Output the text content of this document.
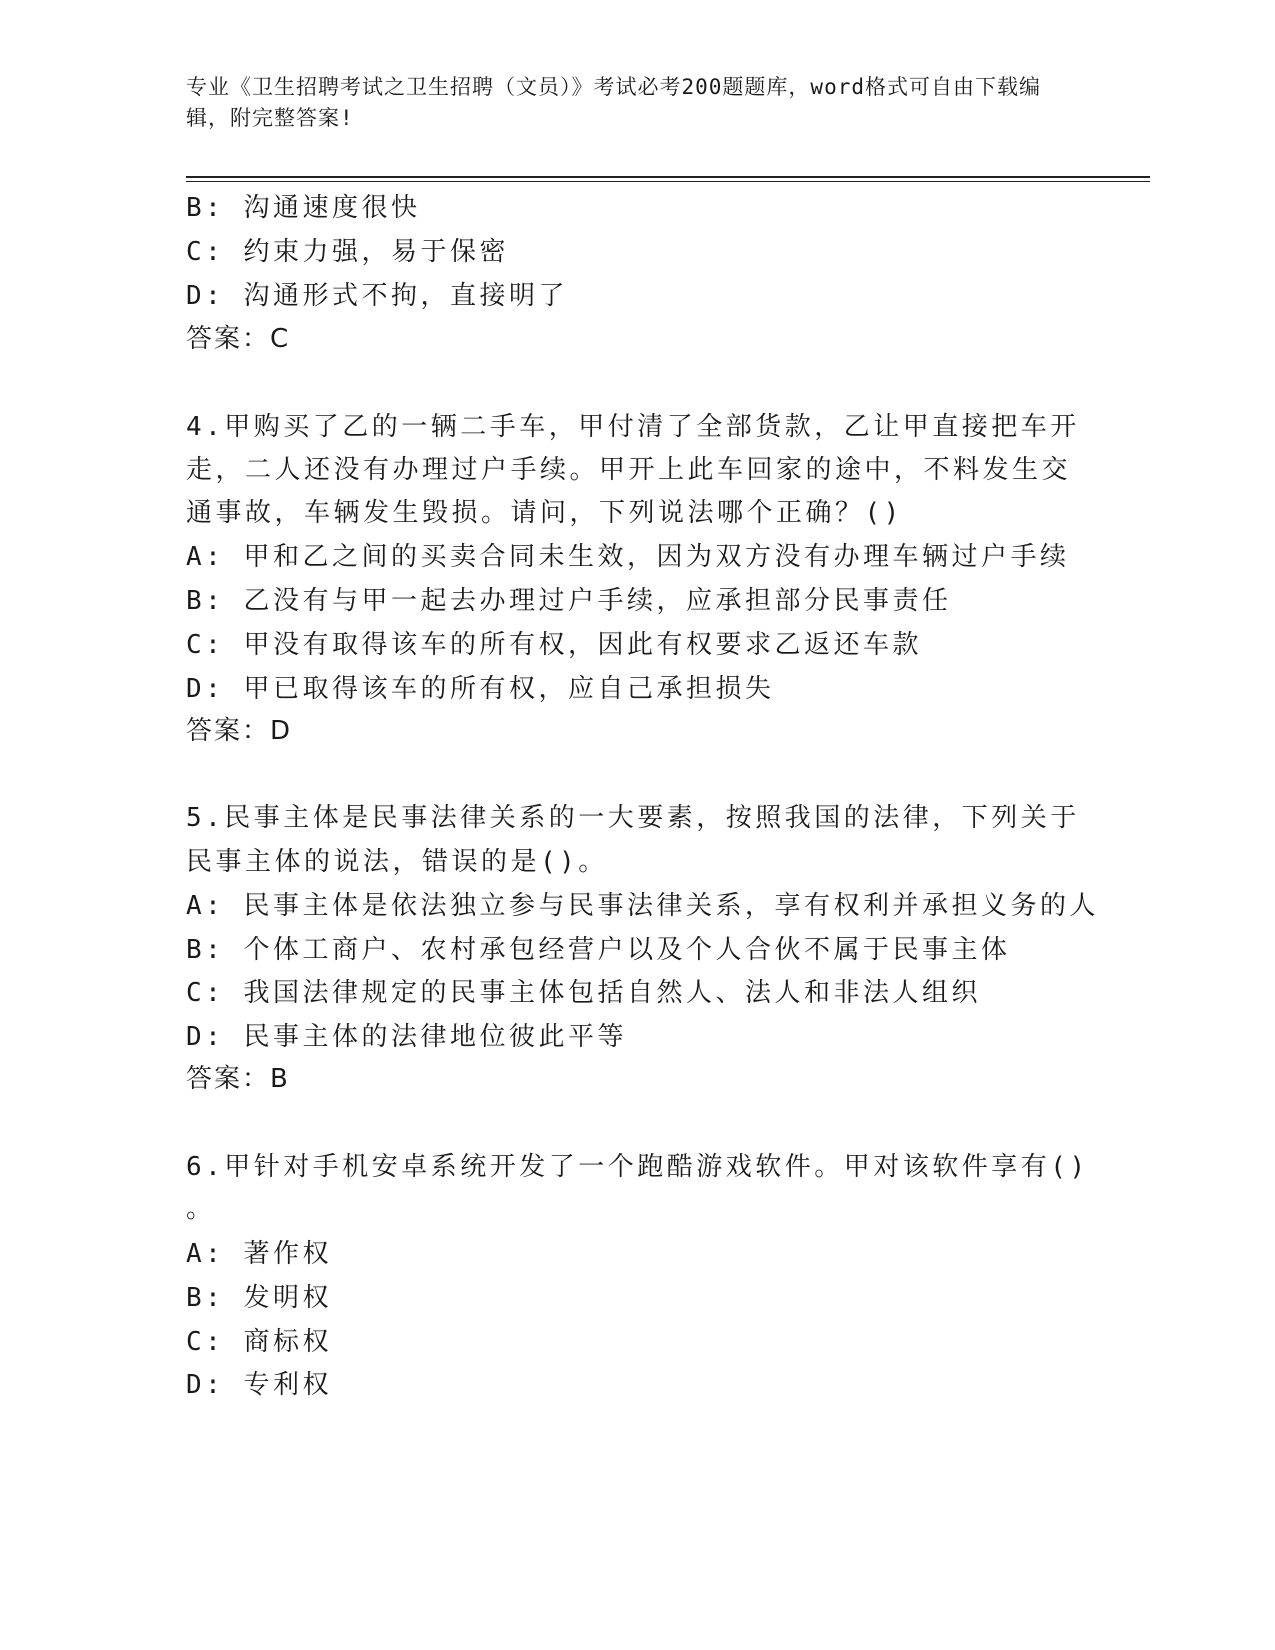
专业《卫生招聘考试之卫生招聘（文员）》考试必考200题题库，word格式可自由下载编辑，附完整答案!
B: 沟通速度很快
C: 约束力强，易于保密
D: 沟通形式不拘，直接明了
答案：C
4.甲购买了乙的一辆二手车，甲付清了全部货款，乙让甲直接把车开
走，二人还没有办理过户手续。甲开上此车回家的途中，不料发生交
通事故，车辆发生毁损。请问，下列说法哪个正确？()
A: 甲和乙之间的买卖合同未生效，因为双方没有办理车辆过户手续
B: 乙没有与甲一起去办理过户手续，应承担部分民事责任
C: 甲没有取得该车的所有权，因此有权要求乙返还车款
D: 甲已取得该车的所有权，应自己承担损失
答案：D
5.民事主体是民事法律关系的一大要素，按照我国的法律，下列关于
民事主体的说法，错误的是()。
A: 民事主体是依法独立参与民事法律关系，享有权利并承担义务的人
B: 个体工商户、农村承包经营户以及个人合伙不属于民事主体
C: 我国法律规定的民事主体包括自然人、法人和非法人组织
D: 民事主体的法律地位彼此平等
答案：B
6.甲针对手机安卓系统开发了一个跑酷游戏软件。甲对该软件享有()
。
A: 著作权
B: 发明权
C: 商标权
D: 专利权
